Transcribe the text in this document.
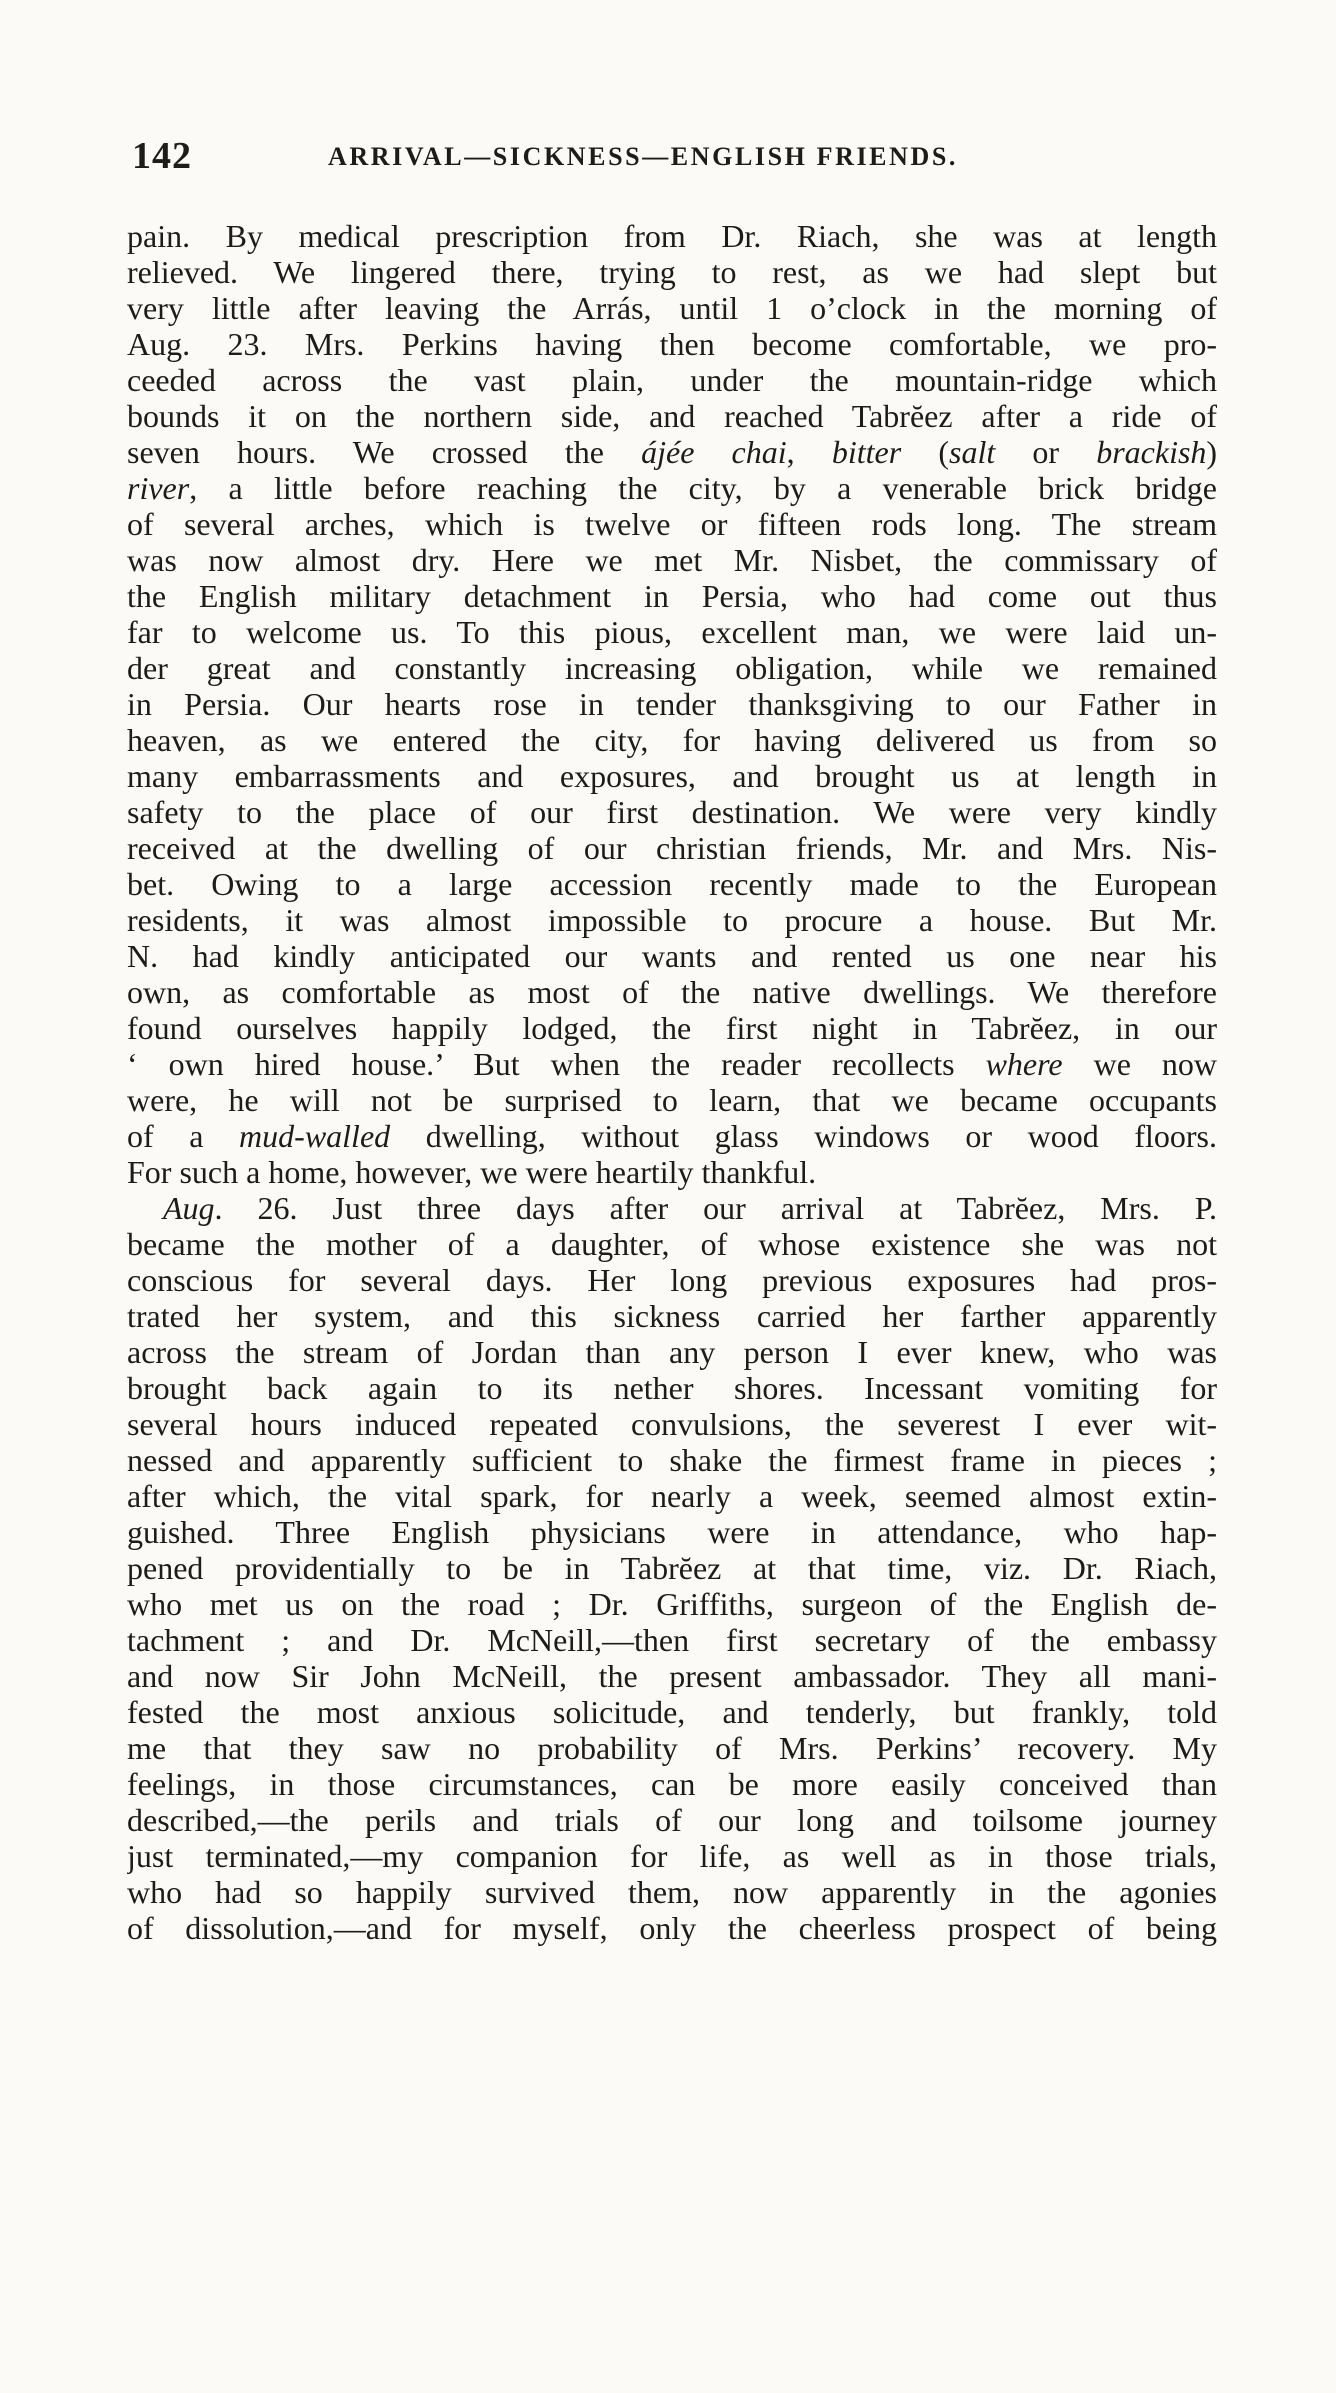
142	ARRIVAL—SICKNESS—ENGLISH FRIENDS.
pain. By medical prescription from Dr. Riach, she was at length
relieved. We lingered there, trying to rest, as we had slept but
very little after leaving the Arrás, until 1 o’clock in the morning of
Aug. 23. Mrs. Perkins having then become comfortable, we pro-
ceeded across the vast plain, under the mountain-ridge which
bounds it on the northern side, and reached Tabrĕez after a ride of
seven hours. We crossed the ájée chai, bitter (salt or brackish)
river, a little before reaching the city, by a venerable brick bridge
of several arches, which is twelve or fifteen rods long. The stream
was now almost dry. Here we met Mr. Nisbet, the commissary of
the English military detachment in Persia, who had come out thus
far to welcome us. To this pious, excellent man, we were laid un-
der great and constantly increasing obligation, while we remained
in Persia. Our hearts rose in tender thanksgiving to our Father in
heaven, as we entered the city, for having delivered us from so
many embarrassments and exposures, and brought us at length in
safety to the place of our first destination. We were very kindly
received at the dwelling of our christian friends, Mr. and Mrs. Nis-
bet. Owing to a large accession recently made to the European
residents, it was almost impossible to procure a house. But Mr.
N. had kindly anticipated our wants and rented us one near his
own, as comfortable as most of the native dwellings. We therefore
found ourselves happily lodged, the first night in Tabrĕez, in our
‘ own hired house.’ But when the reader recollects where we now
were, he will not be surprised to learn, that we became occupants
of a mud-walled dwelling, without glass windows or wood floors.
For such a home, however, we were heartily thankful.
Aug. 26. Just three days after our arrival at Tabrĕez, Mrs. P.
became the mother of a daughter, of whose existence she was not
conscious for several days. Her long previous exposures had pros-
trated her system, and this sickness carried her farther apparently
across the stream of Jordan than any person I ever knew, who was
brought back again to its nether shores. Incessant vomiting for
several hours induced repeated convulsions, the severest I ever wit-
nessed and apparently sufficient to shake the firmest frame in pieces ;
after which, the vital spark, for nearly a week, seemed almost extin-
guished. Three English physicians were in attendance, who hap-
pened providentially to be in Tabrĕez at that time, viz. Dr. Riach,
who met us on the road ; Dr. Griffiths, surgeon of the English de-
tachment ; and Dr. McNeill,—then first secretary of the embassy
and now Sir John McNeill, the present ambassador. They all mani-
fested the most anxious solicitude, and tenderly, but frankly, told
me that they saw no probability of Mrs. Perkins’ recovery. My
feelings, in those circumstances, can be more easily conceived than
described,—the perils and trials of our long and toilsome journey
just terminated,—my companion for life, as well as in those trials,
who had so happily survived them, now apparently in the agonies
of dissolution,—and for myself, only the cheerless prospect of being
